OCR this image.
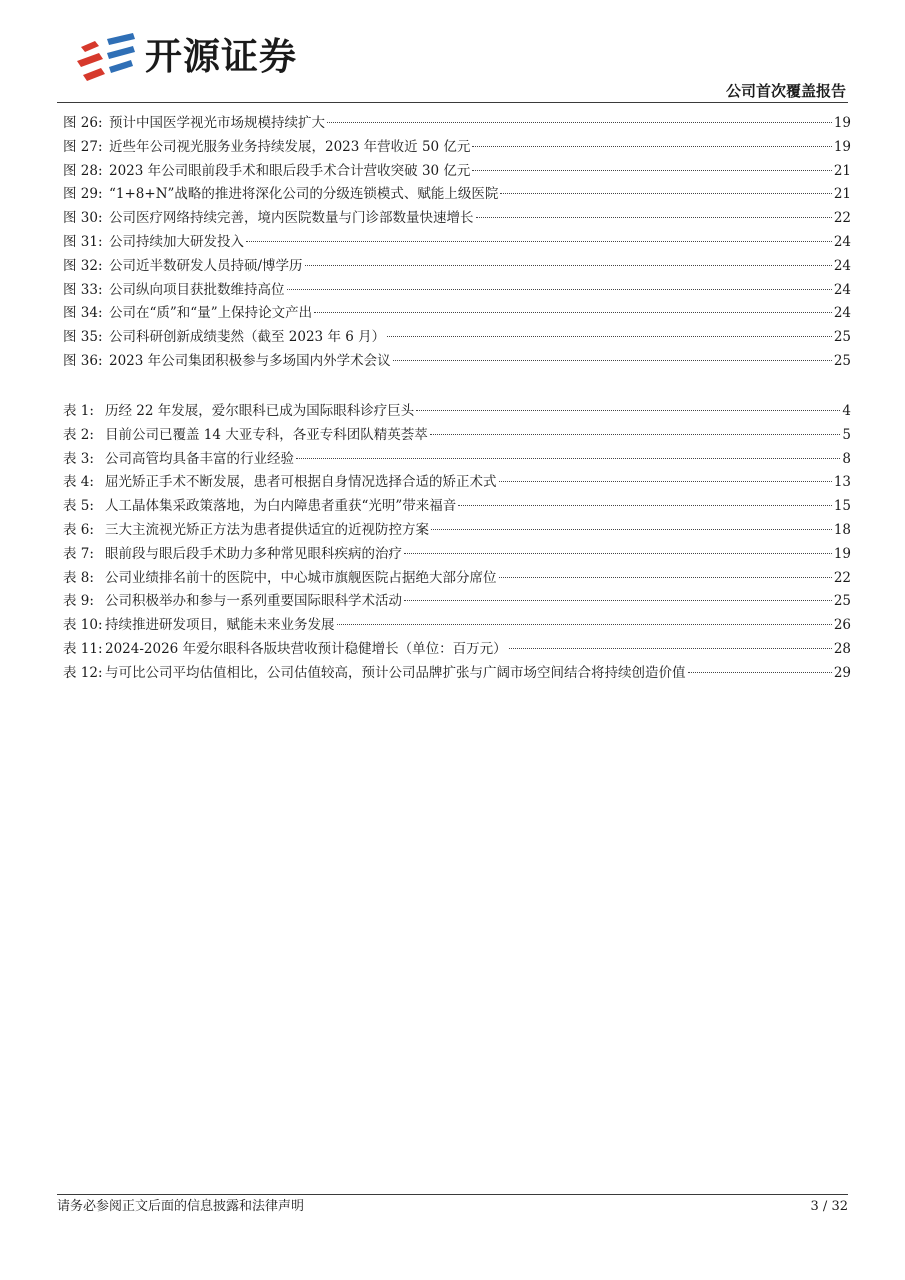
开源证券
公司首次覆盖报告
图 26: 预计中国医学视光市场规模持续扩大	19
图 27: 近些年公司视光服务业务持续发展，2023 年营收近 50 亿元	19
图 28: 2023 年公司眼前段手术和眼后段手术合计营收突破 30 亿元	21
图 29: “1+8+N”战略的推进将深化公司的分级连锁模式、赋能上级医院	21
图 30: 公司医疗网络持续完善，境内医院数量与门诊部数量快速增长	22
图 31: 公司持续加大研发投入	24
图 32: 公司近半数研发人员持硕/博学历	24
图 33: 公司纵向项目获批数维持高位	24
图 34: 公司在“质”和“量”上保持论文产出	24
图 35: 公司科研创新成绩斐然（截至 2023 年 6 月）	25
图 36: 2023 年公司集团积极参与多场国内外学术会议	25
表 1: 历经 22 年发展，爱尔眼科已成为国际眼科诊疗巨头	4
表 2: 目前公司已覆盖 14 大亚专科，各亚专科团队精英荟萃	5
表 3: 公司高管均具备丰富的行业经验	8
表 4: 屈光矫正手术不断发展，患者可根据自身情况选择合适的矫正术式	13
表 5: 人工晶体集采政策落地，为白内障患者重获“光明”带来福音	15
表 6: 三大主流视光矫正方法为患者提供适宜的近视防控方案	18
表 7: 眼前段与眼后段手术助力多种常见眼科疾病的治疗	19
表 8: 公司业绩排名前十的医院中，中心城市旗舰医院占据绝大部分席位	22
表 9: 公司积极举办和参与一系列重要国际眼科学术活动	25
表 10: 持续推进研发项目，赋能未来业务发展	26
表 11: 2024-2026 年爱尔眼科各版块营收预计稳健增长（单位：百万元）	28
表 12: 与可比公司平均估值相比，公司估值较高，预计公司品牌扩张与广阔市场空间结合将持续创造价值	29
请务必参阅正文后面的信息披露和法律声明	3 / 32
